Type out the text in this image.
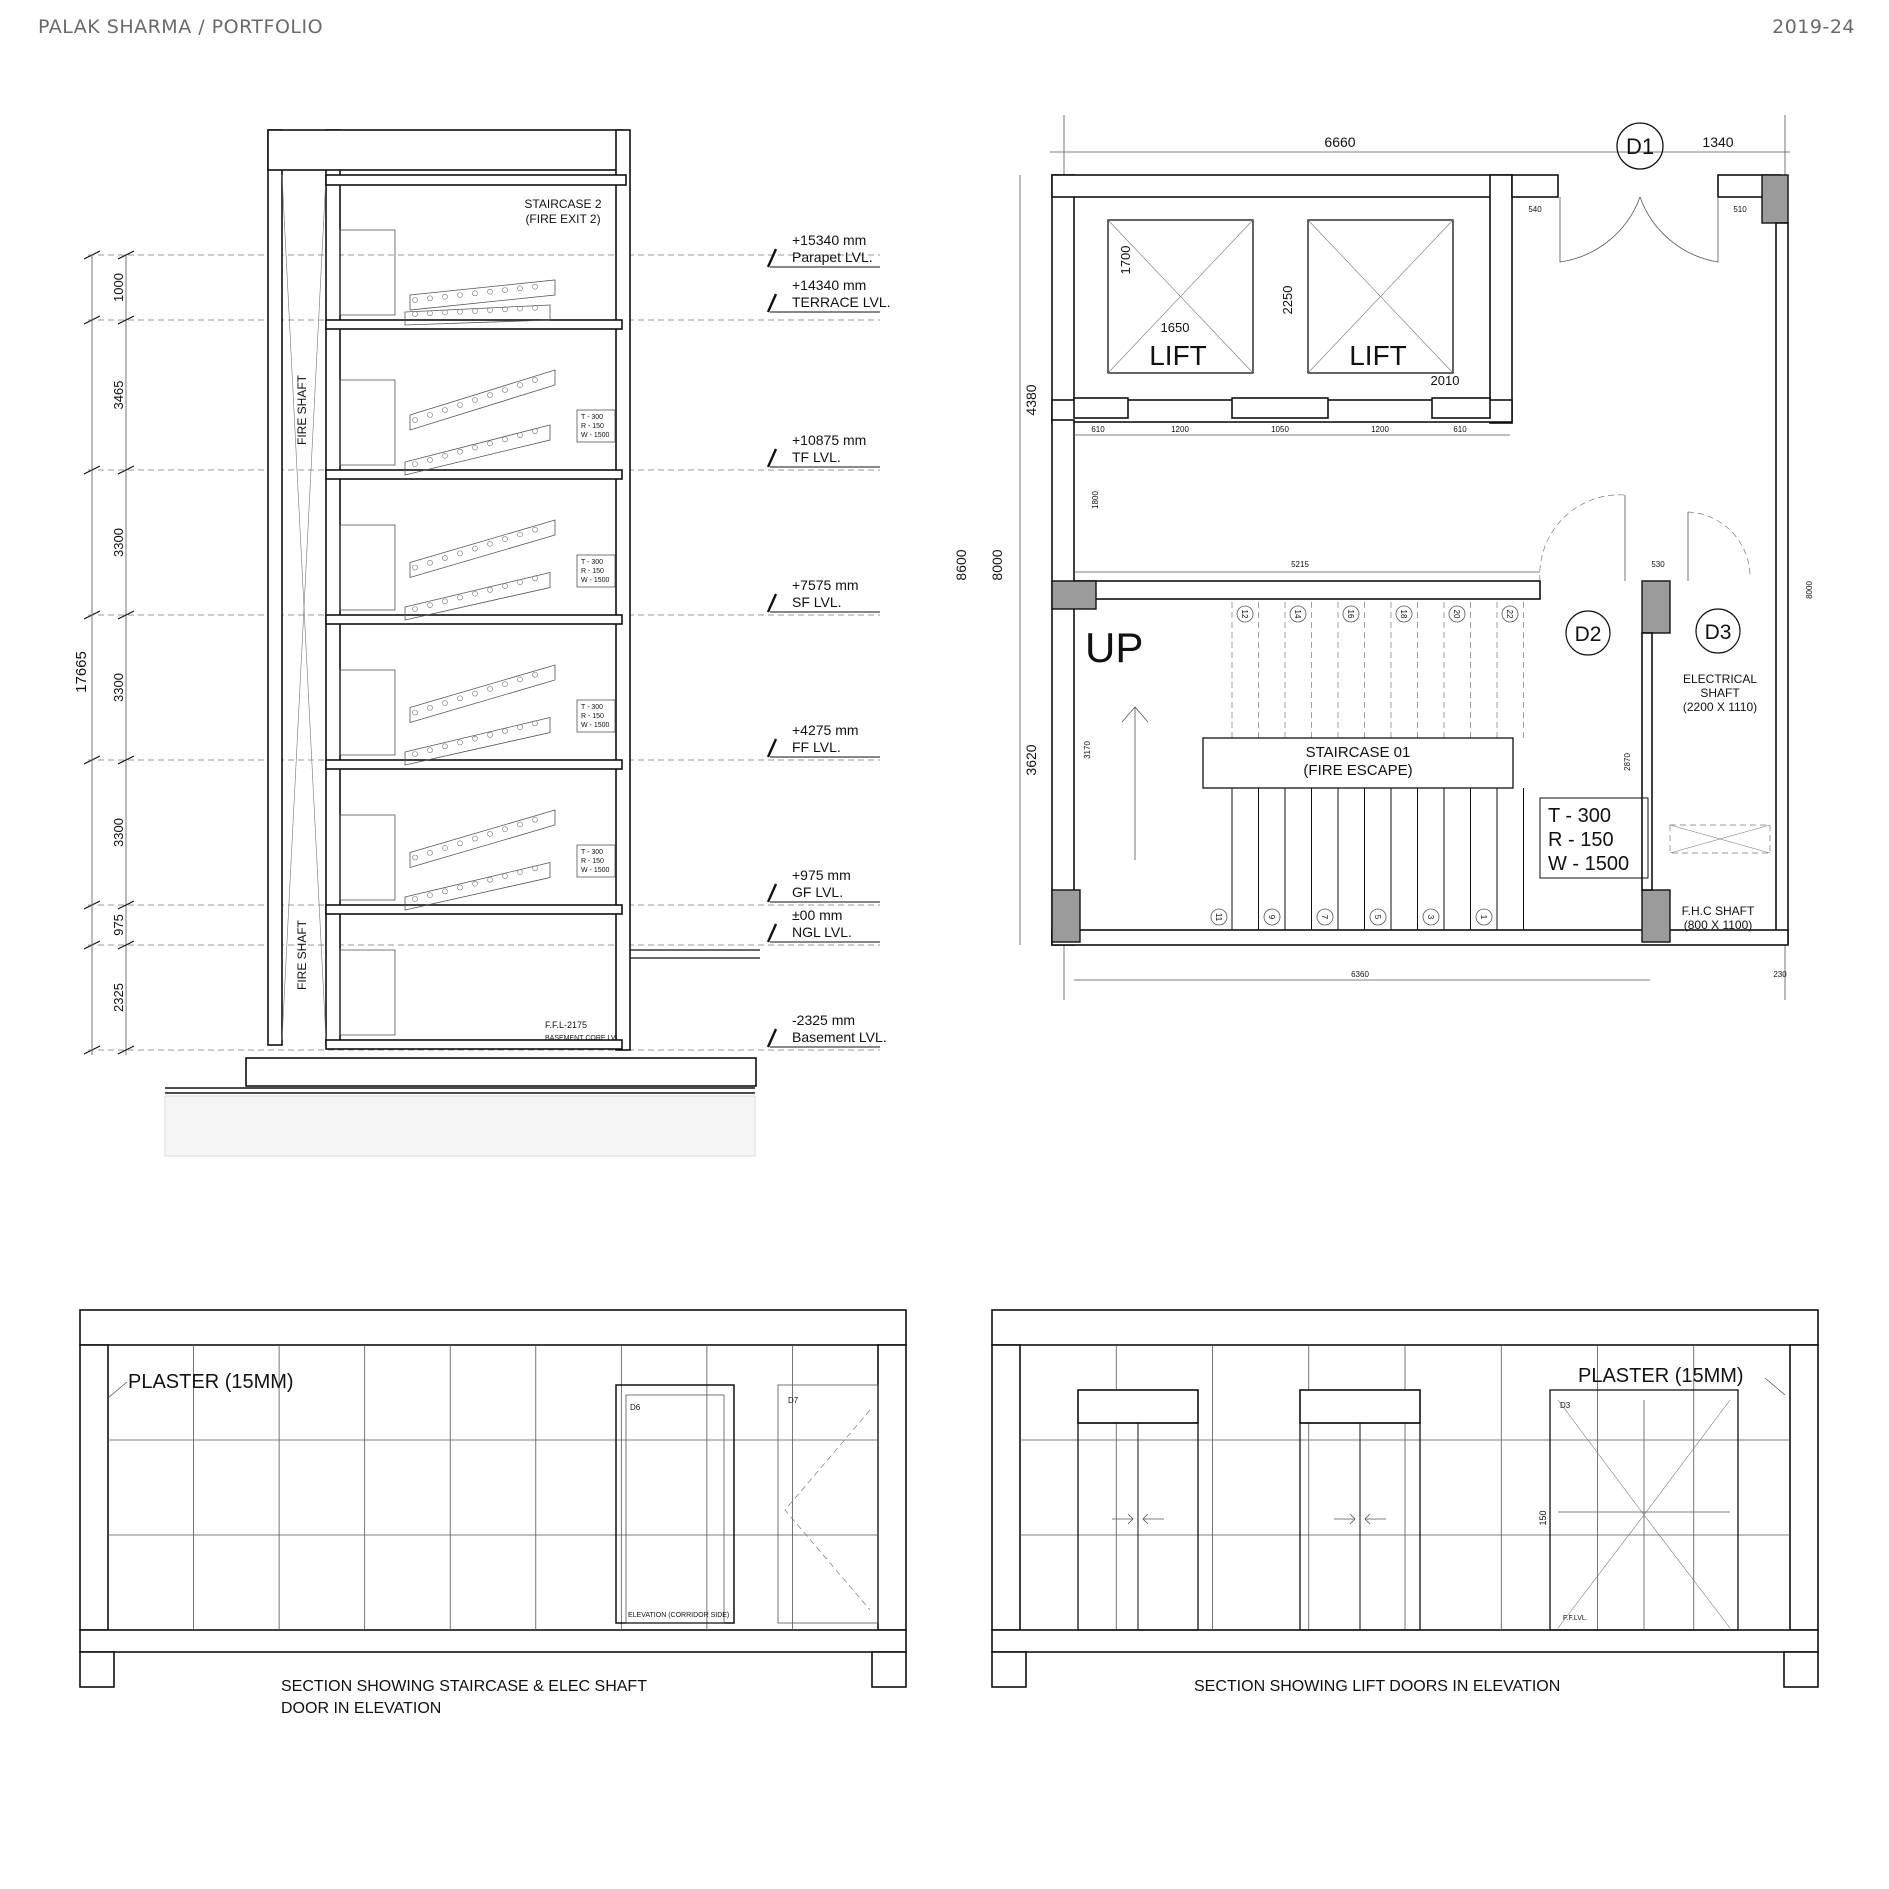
PALAK SHARMA / PORTFOLIO	2019-24
17665
1000
3465
3300
3300
3300
975
2325
FIRE SHAFT
FIRE SHAFT
T - 300
R - 150
W - 1500
T - 300
R - 150
W - 1500
T - 300
R - 150
W - 1500
T - 300
R - 150
W - 1500
STAIRCASE 2
(FIRE EXIT 2)
F.F.L-2175
BASEMENT CORE LVL
+15340 mm
Parapet LVL.
+14340 mm
TERRACE LVL.
+10875 mm
TF LVL.
+7575 mm
SF LVL.
+4275 mm
FF LVL.
+975 mm
GF LVL.
±00 mm
NGL LVL.
-2325 mm
Basement LVL.
6660	1340
D1
LIFT	LIFT
1700
1650
2250
2010
4380
8600 8000
3620
610	1200	1050	1200	610
540	510
1800
5215	530
3170
2870
6360	230
8000
D2	D3
UP
12	14	16	18	20	22
11	9	7	5	3	1
STAIRCASE 01
(FIRE ESCAPE)
T - 300
R - 150
W - 1500
ELECTRICAL
SHAFT
(2200 X 1110)
F.H.C SHAFT
(800 X 1100)
D6
D7
ELEVATION (CORRIDOR SIDE)
PLASTER (15MM)
D3
150
F.F.LVL.
PLASTER (15MM)
SECTION SHOWING STAIRCASE & ELEC SHAFT
DOOR IN ELEVATION
SECTION SHOWING LIFT DOORS IN ELEVATION
